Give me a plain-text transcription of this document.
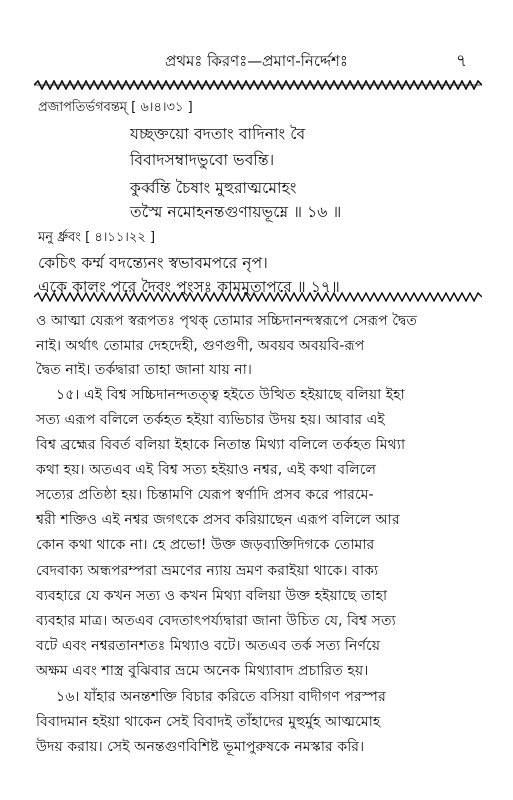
প্রথমঃ কিরণঃ—প্রমাণ-নির্দ্দেশঃ	৭
প্রজাপতির্ভগবন্তম্ [ ৬।৪।৩১ ]
যচ্ছক্তয়ো বদতাং বাদিনাং বৈ
বিবাদসম্বাদভুবো ভবন্তি।
কুর্ব্বন্তি চৈষাং মুহুরাত্মমোহং
তস্মৈ নমোহনন্তগুণায়ভূম্নে ॥ ১৬ ॥
মনু র্ধ্রুবং [ ৪।১১।২২ ]
কেচিৎ কর্ম্ম বদন্ত্যেনং স্বভাবমপরে নৃপ।
একে কালং পরে দৈবং পুংসঃ কামমুতাপরে ॥ ১৭॥
ও আত্মা যেরূপ স্বরূপতঃ পৃথক্ তোমার সচ্চিদানন্দস্বরূপে সেরূপ দ্বৈত
নাই। অর্থাৎ তোমার দেহদেহী, গুণগুণী, অবয়ব অবয়বি-রূপ
দ্বৈত নাই। তর্কদ্বারা তাহা জানা যায় না।
১৫। এই বিশ্ব সচ্চিদানন্দতত্ত্ব হইতে উত্থিত হইয়াছে বলিয়া ইহা
সত্য এরূপ বলিলে তর্কহত হইয়া ব্যভিচার উদয় হয়। আবার এই
বিশ্ব ব্রহ্মের বিবর্ত বলিয়া ইহাকে নিতান্ত মিথ্যা বলিলে তর্কহত মিথ্যা
কথা হয়। অতএব এই বিশ্ব সত্য হইয়াও নশ্বর, এই কথা বলিলে
সত্যের প্রতিষ্ঠা হয়। চিন্তামণি যেরূপ স্বর্ণাদি প্রসব করে পারমে-
শ্বরী শক্তিও এই নশ্বর জগৎকে প্রসব করিয়াছেন এরূপ বলিলে আর
কোন কথা থাকে না। হে প্রভো! উক্ত জড়ব্যক্তিদিগকে তোমার
বেদবাক্য অন্ধপরম্পরা ভ্রমণের ন্যায় ভ্রমণ করাইয়া থাকে। বাক্য
ব্যবহারে যে কখন সত্য ও কখন মিথ্যা বলিয়া উক্ত হইয়াছে তাহা
ব্যবহার মাত্র। অতএব বেদতাৎপর্য্যদ্বারা জানা উচিত যে, বিশ্ব সত্য
বটে এবং নশ্বরতানশতঃ মিথ্যাও বটে। অতএব তর্ক সত্য নির্ণয়ে
অক্ষম এবং শাস্ত্র বুঝিবার ভ্রমে অনেক মিথ্যাবাদ প্রচারিত হয়।
১৬। যাঁহার অনন্তশক্তি বিচার করিতে বসিয়া বাদীগণ পরস্পর
বিবাদমান হইয়া থাকেন সেই বিবাদই তাঁহাদের মুহুর্মুহ আত্মমোহ
উদয় করায়। সেই অনন্তগুণবিশিষ্ট ভূমাপুরুষকে নমস্কার করি।
